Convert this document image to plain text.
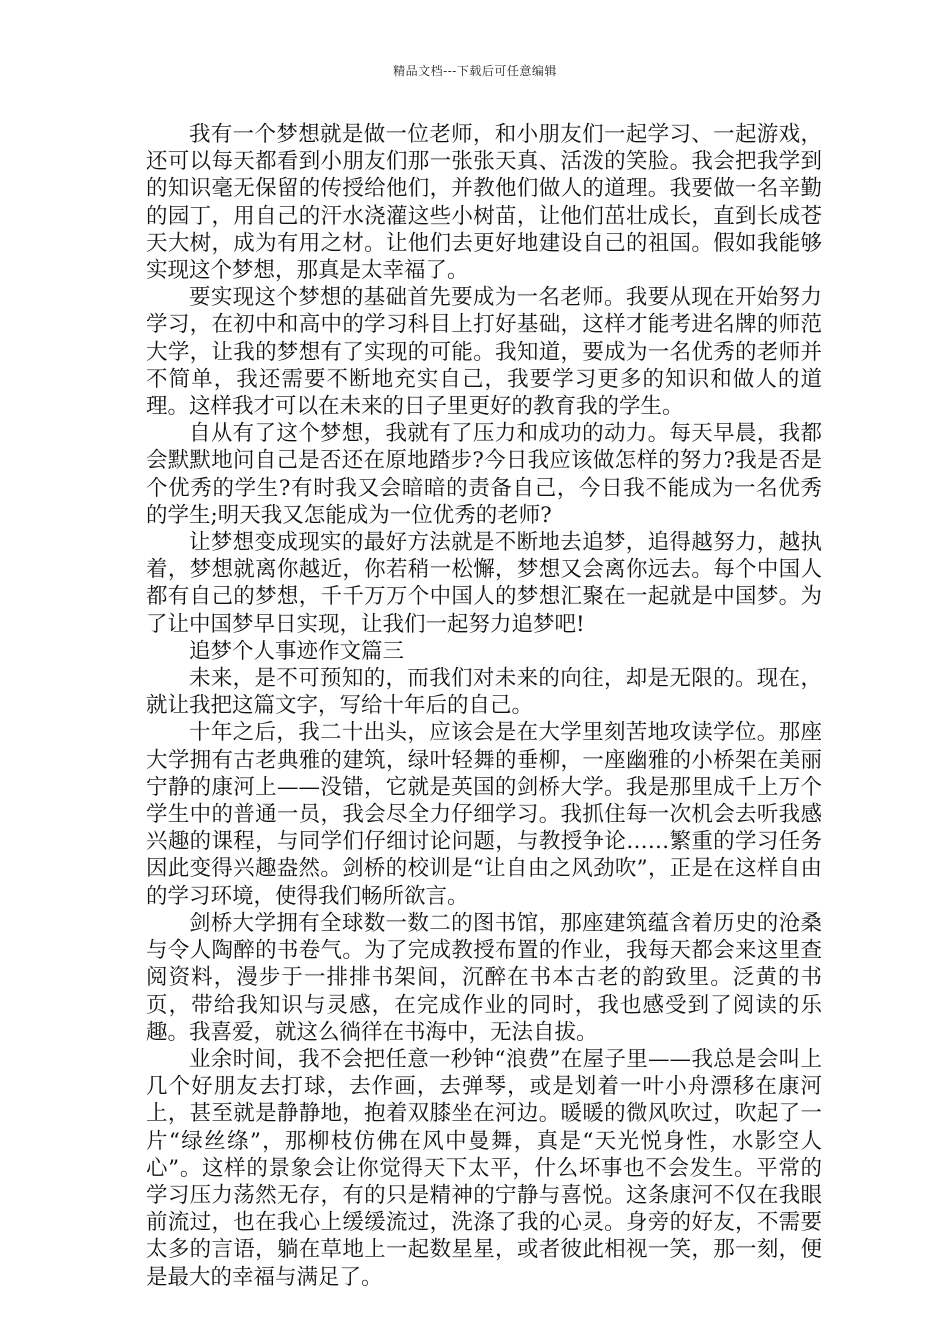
精品文档---下载后可任意编辑

我有一个梦想就是做一位老师，和小朋友们一起学习、一起游戏，还可以每天都看到小朋友们那一张张天真、活泼的笑脸。我会把我学到的知识毫无保留的传授给他们，并教他们做人的道理。我要做一名辛勤的园丁，用自己的汗水浇灌这些小树苗，让他们茁壮成长，直到长成苍天大树，成为有用之材。让他们去更好地建设自己的祖国。假如我能够实现这个梦想，那真是太幸福了。

要实现这个梦想的基础首先要成为一名老师。我要从现在开始努力学习，在初中和高中的学习科目上打好基础，这样才能考进名牌的师范大学，让我的梦想有了实现的可能。我知道，要成为一名优秀的老师并不简单，我还需要不断地充实自己，我要学习更多的知识和做人的道理。这样我才可以在未来的日子里更好的教育我的学生。

自从有了这个梦想，我就有了压力和成功的动力。每天早晨，我都会默默地问自己是否还在原地踏步?今日我应该做怎样的努力?我是否是个优秀的学生?有时我又会暗暗的责备自己，今日我不能成为一名优秀的学生;明天我又怎能成为一位优秀的老师?

让梦想变成现实的最好方法就是不断地去追梦，追得越努力，越执着，梦想就离你越近，你若稍一松懈，梦想又会离你远去。每个中国人都有自己的梦想，千千万万个中国人的梦想汇聚在一起就是中国梦。为了让中国梦早日实现，让我们一起努力追梦吧!

追梦个人事迹作文篇三

未来，是不可预知的，而我们对未来的向往，却是无限的。现在，就让我把这篇文字，写给十年后的自己。

十年之后，我二十出头，应该会是在大学里刻苦地攻读学位。那座大学拥有古老典雅的建筑，绿叶轻舞的垂柳，一座幽雅的小桥架在美丽宁静的康河上——没错，它就是英国的剑桥大学。我是那里成千上万个学生中的普通一员，我会尽全力仔细学习。我抓住每一次机会去听我感兴趣的课程，与同学们仔细讨论问题，与教授争论……繁重的学习任务因此变得兴趣盎然。剑桥的校训是“让自由之风劲吹”，正是在这样自由的学习环境，使得我们畅所欲言。

剑桥大学拥有全球数一数二的图书馆，那座建筑蕴含着历史的沧桑与令人陶醉的书卷气。为了完成教授布置的作业，我每天都会来这里查阅资料，漫步于一排排书架间，沉醉在书本古老的韵致里。泛黄的书页，带给我知识与灵感，在完成作业的同时，我也感受到了阅读的乐趣。我喜爱，就这么徜徉在书海中，无法自拔。

业余时间，我不会把任意一秒钟“浪费”在屋子里——我总是会叫上几个好朋友去打球，去作画，去弹琴，或是划着一叶小舟漂移在康河上，甚至就是静静地，抱着双膝坐在河边。暖暖的微风吹过，吹起了一片“绿丝绦”，那柳枝仿佛在风中曼舞，真是“天光悦身性，水影空人心”。这样的景象会让你觉得天下太平，什么坏事也不会发生。平常的学习压力荡然无存，有的只是精神的宁静与喜悦。这条康河不仅在我眼前流过，也在我心上缓缓流过，洗涤了我的心灵。身旁的好友，不需要太多的言语，躺在草地上一起数星星，或者彼此相视一笑，那一刻，便是最大的幸福与满足了。
